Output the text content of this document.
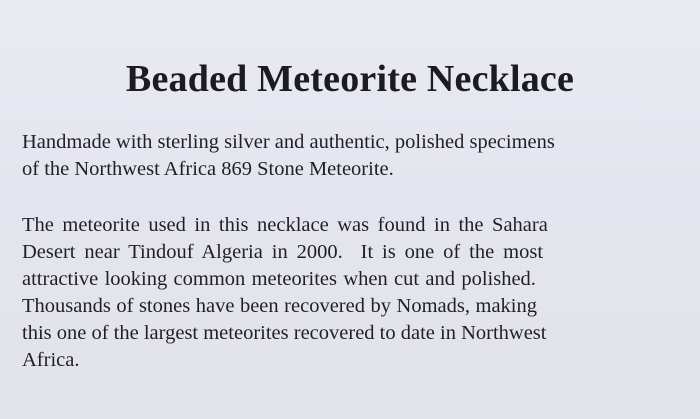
Beaded Meteorite Necklace

Handmade with sterling silver and authentic, polished specimens
of the Northwest Africa 869 Stone Meteorite.

The meteorite used in this necklace was found in the Sahara
Desert near Tindouf Algeria in 2000.  It is one of the most
attractive looking common meteorites when cut and polished.
Thousands of stones have been recovered by Nomads, making
this one of the largest meteorites recovered to date in Northwest
Africa.
